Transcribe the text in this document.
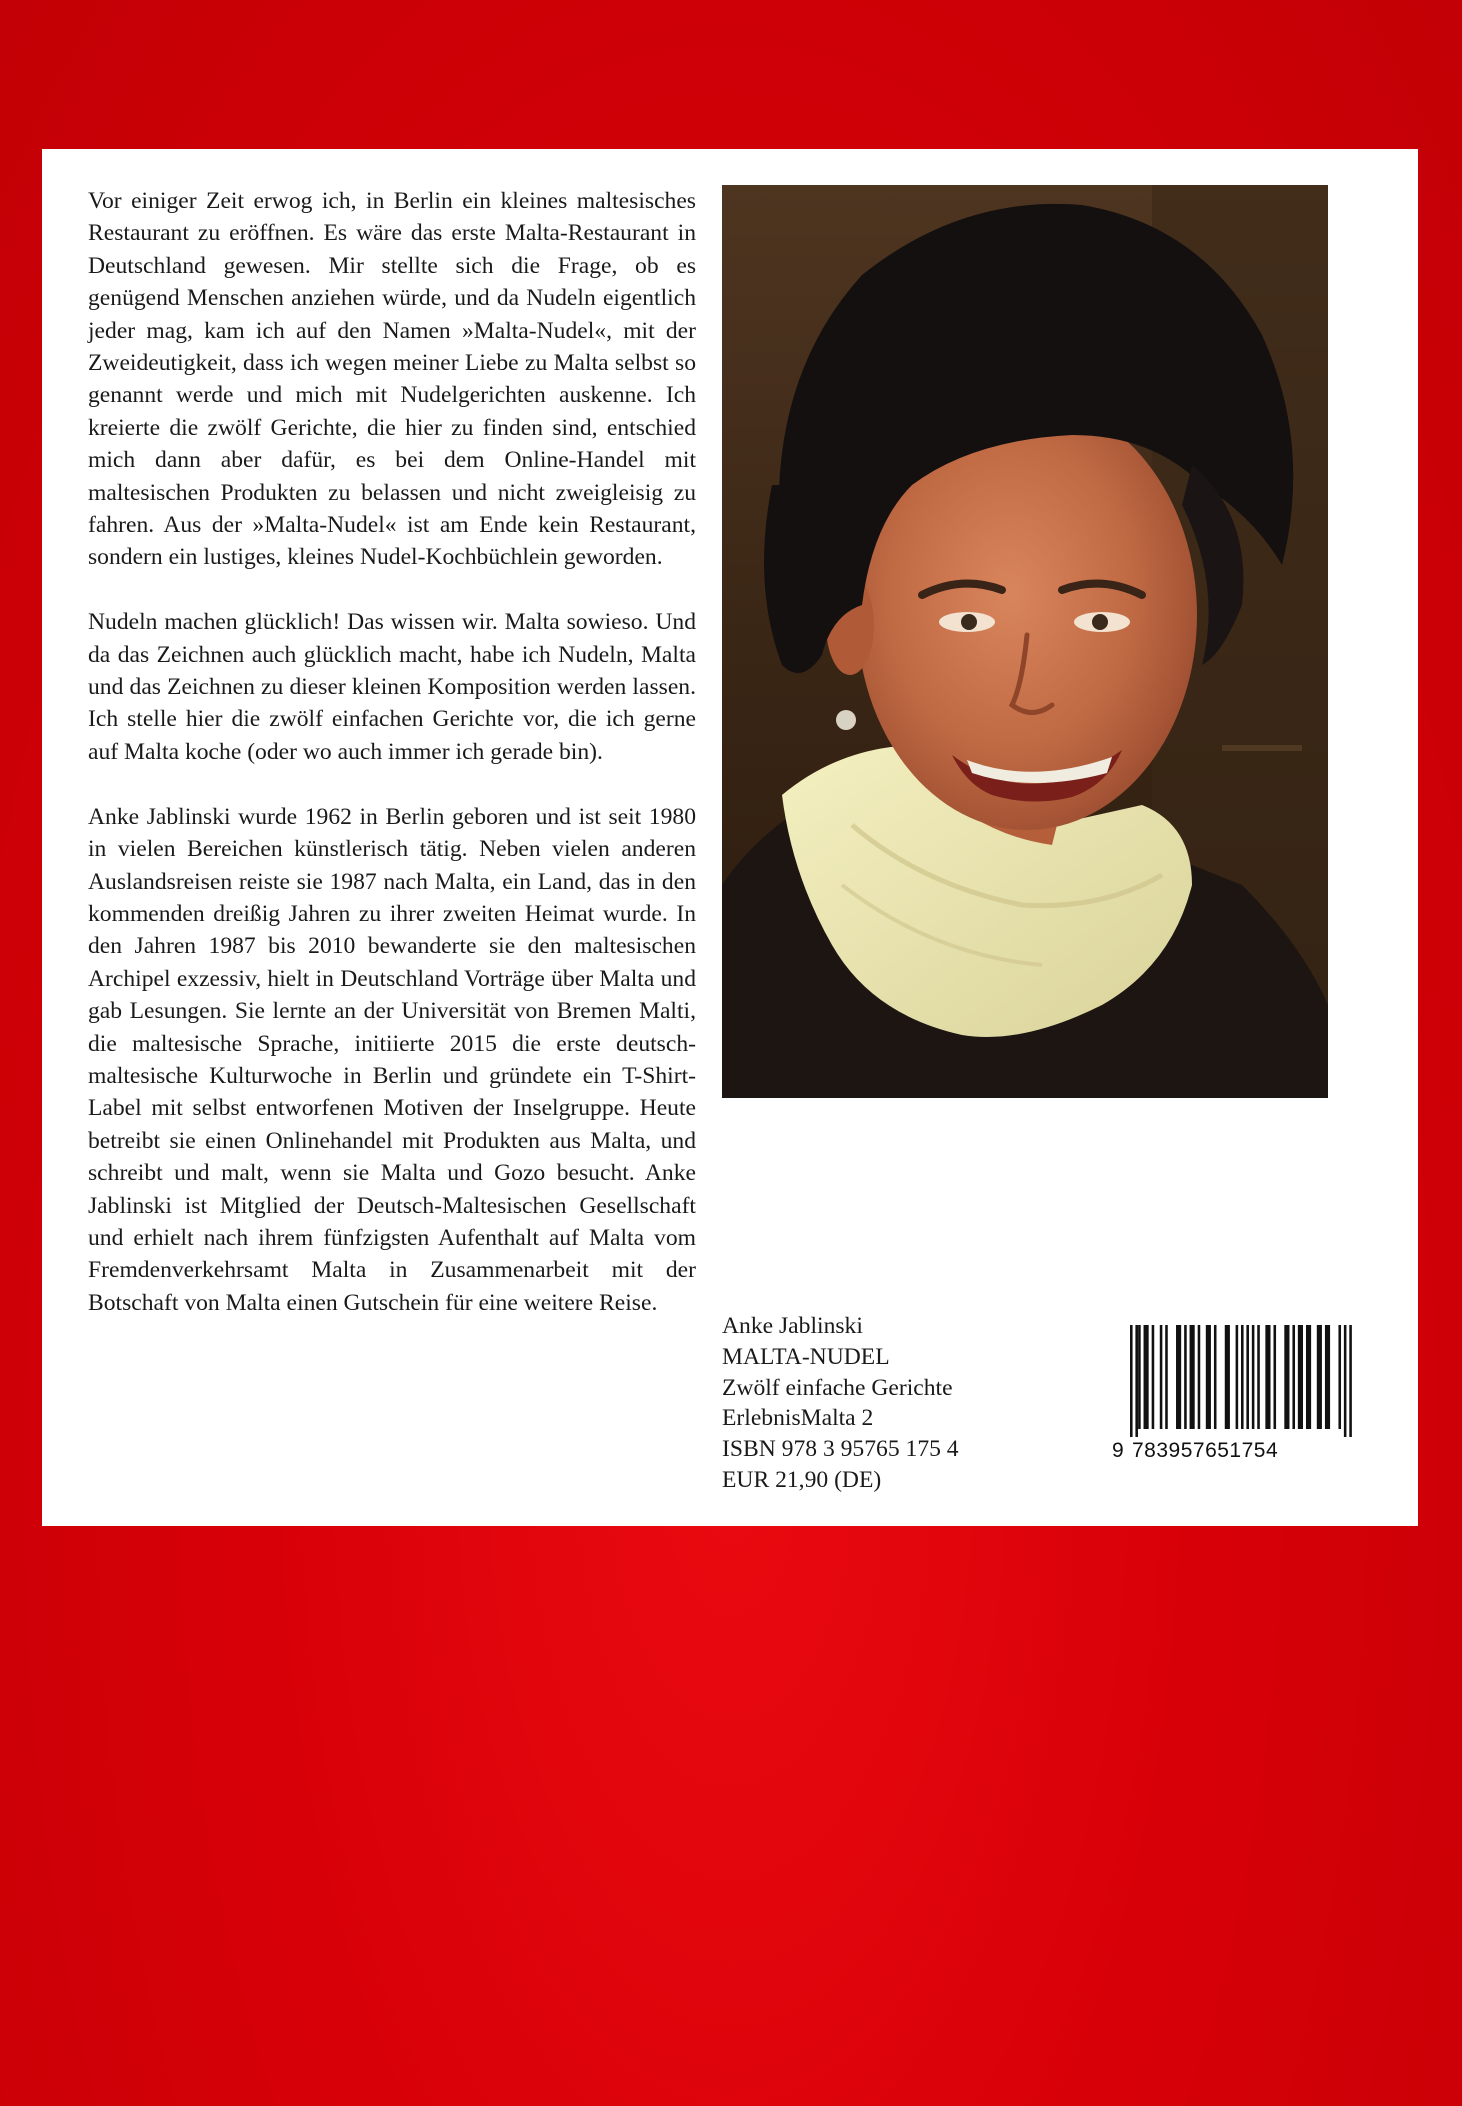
Vor einiger Zeit erwog ich, in Berlin ein kleines maltesisches Restaurant zu eröffnen. Es wäre das erste Malta-Restaurant in Deutschland gewesen. Mir stellte sich die Frage, ob es genügend Menschen anziehen würde, und da Nudeln eigentlich jeder mag, kam ich auf den Namen »Malta-Nudel«, mit der Zweideutigkeit, dass ich wegen meiner Liebe zu Malta selbst so genannt werde und mich mit Nudelgerichten auskenne. Ich kreierte die zwölf Gerichte, die hier zu finden sind, entschied mich dann aber dafür, es bei dem Online-Handel mit maltesischen Produkten zu belassen und nicht zweigleisig zu fahren. Aus der »Malta-Nudel« ist am Ende kein Restaurant, sondern ein lustiges, kleines Nudel-Kochbüchlein geworden.

Nudeln machen glücklich! Das wissen wir. Malta sowieso. Und da das Zeichnen auch glücklich macht, habe ich Nudeln, Malta und das Zeichnen zu dieser kleinen Komposition werden lassen. Ich stelle hier die zwölf einfachen Gerichte vor, die ich gerne auf Malta koche (oder wo auch immer ich gerade bin).

Anke Jablinski wurde 1962 in Berlin geboren und ist seit 1980 in vielen Bereichen künstlerisch tätig. Neben vielen anderen Auslandsreisen reiste sie 1987 nach Malta, ein Land, das in den kommenden dreißig Jahren zu ihrer zweiten Heimat wurde. In den Jahren 1987 bis 2010 bewanderte sie den maltesischen Archipel exzessiv, hielt in Deutschland Vorträge über Malta und gab Lesungen. Sie lernte an der Universität von Bremen Malti, die maltesische Sprache, initiierte 2015 die erste deutsch-maltesische Kulturwoche in Berlin und gründete ein T-Shirt-Label mit selbst entworfenen Motiven der Inselgruppe. Heute betreibt sie einen Onlinehandel mit Produkten aus Malta, und schreibt und malt, wenn sie Malta und Gozo besucht. Anke Jablinski ist Mitglied der Deutsch-Maltesischen Gesellschaft und erhielt nach ihrem fünfzigsten Aufenthalt auf Malta vom Fremdenverkehrsamt Malta in Zusammenarbeit mit der Botschaft von Malta einen Gutschein für eine weitere Reise.

Anke Jablinski
MALTA-NUDEL
Zwölf einfache Gerichte
ErlebnisMalta 2
ISBN 978 3 95765 175 4
EUR 21,90 (DE)
9 783957651754
